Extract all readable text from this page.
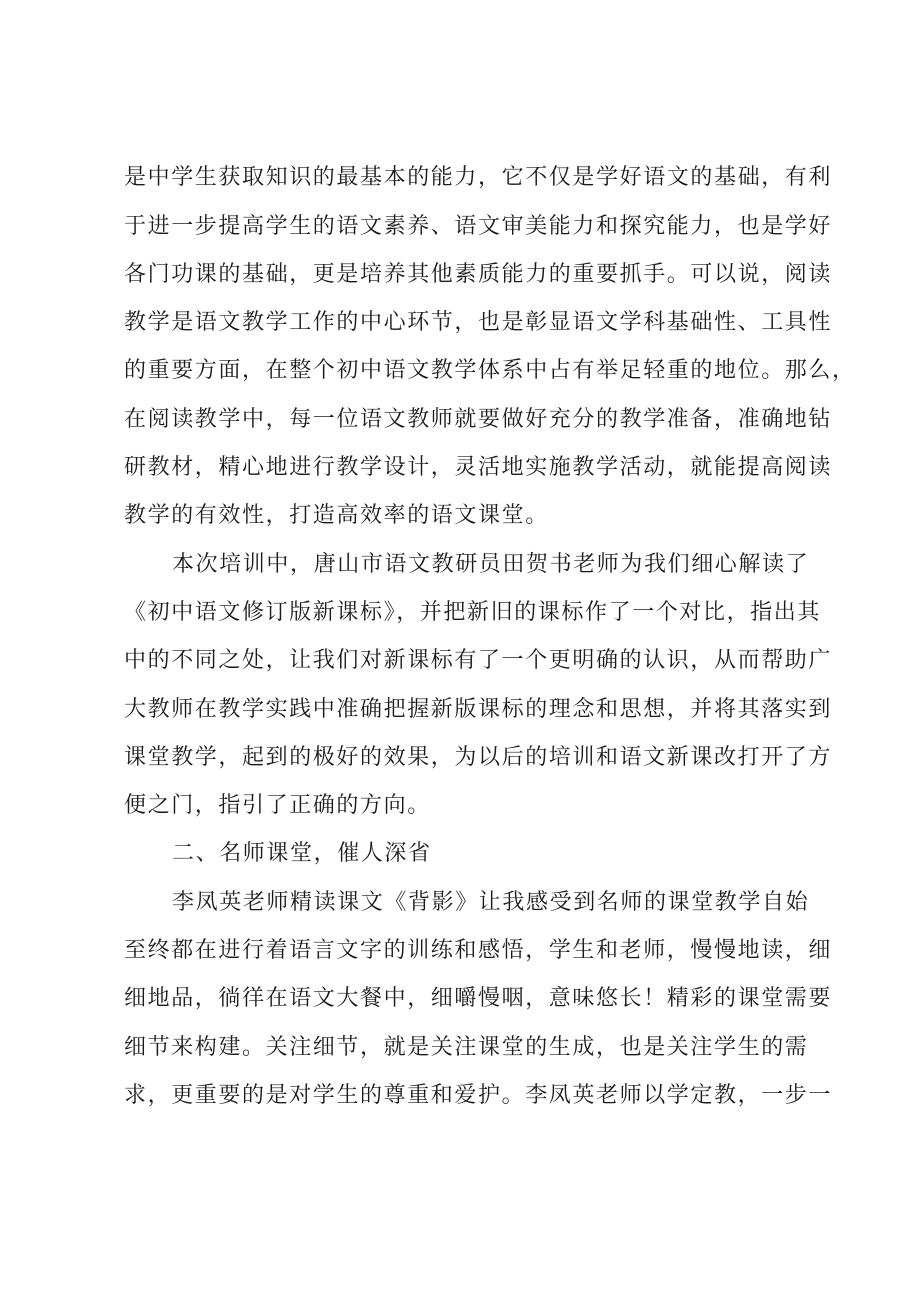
是中学生获取知识的最基本的能力，它不仅是学好语文的基础，有利
于进一步提高学生的语文素养、语文审美能力和探究能力，也是学好
各门功课的基础，更是培养其他素质能力的重要抓手。可以说，阅读
教学是语文教学工作的中心环节，也是彰显语文学科基础性、工具性
的重要方面，在整个初中语文教学体系中占有举足轻重的地位。那么，
在阅读教学中，每一位语文教师就要做好充分的教学准备，准确地钻
研教材，精心地进行教学设计，灵活地实施教学活动，就能提高阅读
教学的有效性，打造高效率的语文课堂。
本次培训中，唐山市语文教研员田贺书老师为我们细心解读了
《初中语文修订版新课标》，并把新旧的课标作了一个对比，指出其
中的不同之处，让我们对新课标有了一个更明确的认识，从而帮助广
大教师在教学实践中准确把握新版课标的理念和思想，并将其落实到
课堂教学，起到的极好的效果，为以后的培训和语文新课改打开了方
便之门，指引了正确的方向。
二、名师课堂，催人深省
李凤英老师精读课文《背影》让我感受到名师的课堂教学自始
至终都在进行着语言文字的训练和感悟，学生和老师，慢慢地读，细
细地品，徜徉在语文大餐中，细嚼慢咽，意味悠长！精彩的课堂需要
细节来构建。关注细节，就是关注课堂的生成，也是关注学生的需
求，更重要的是对学生的尊重和爱护。李凤英老师以学定教，一步一
